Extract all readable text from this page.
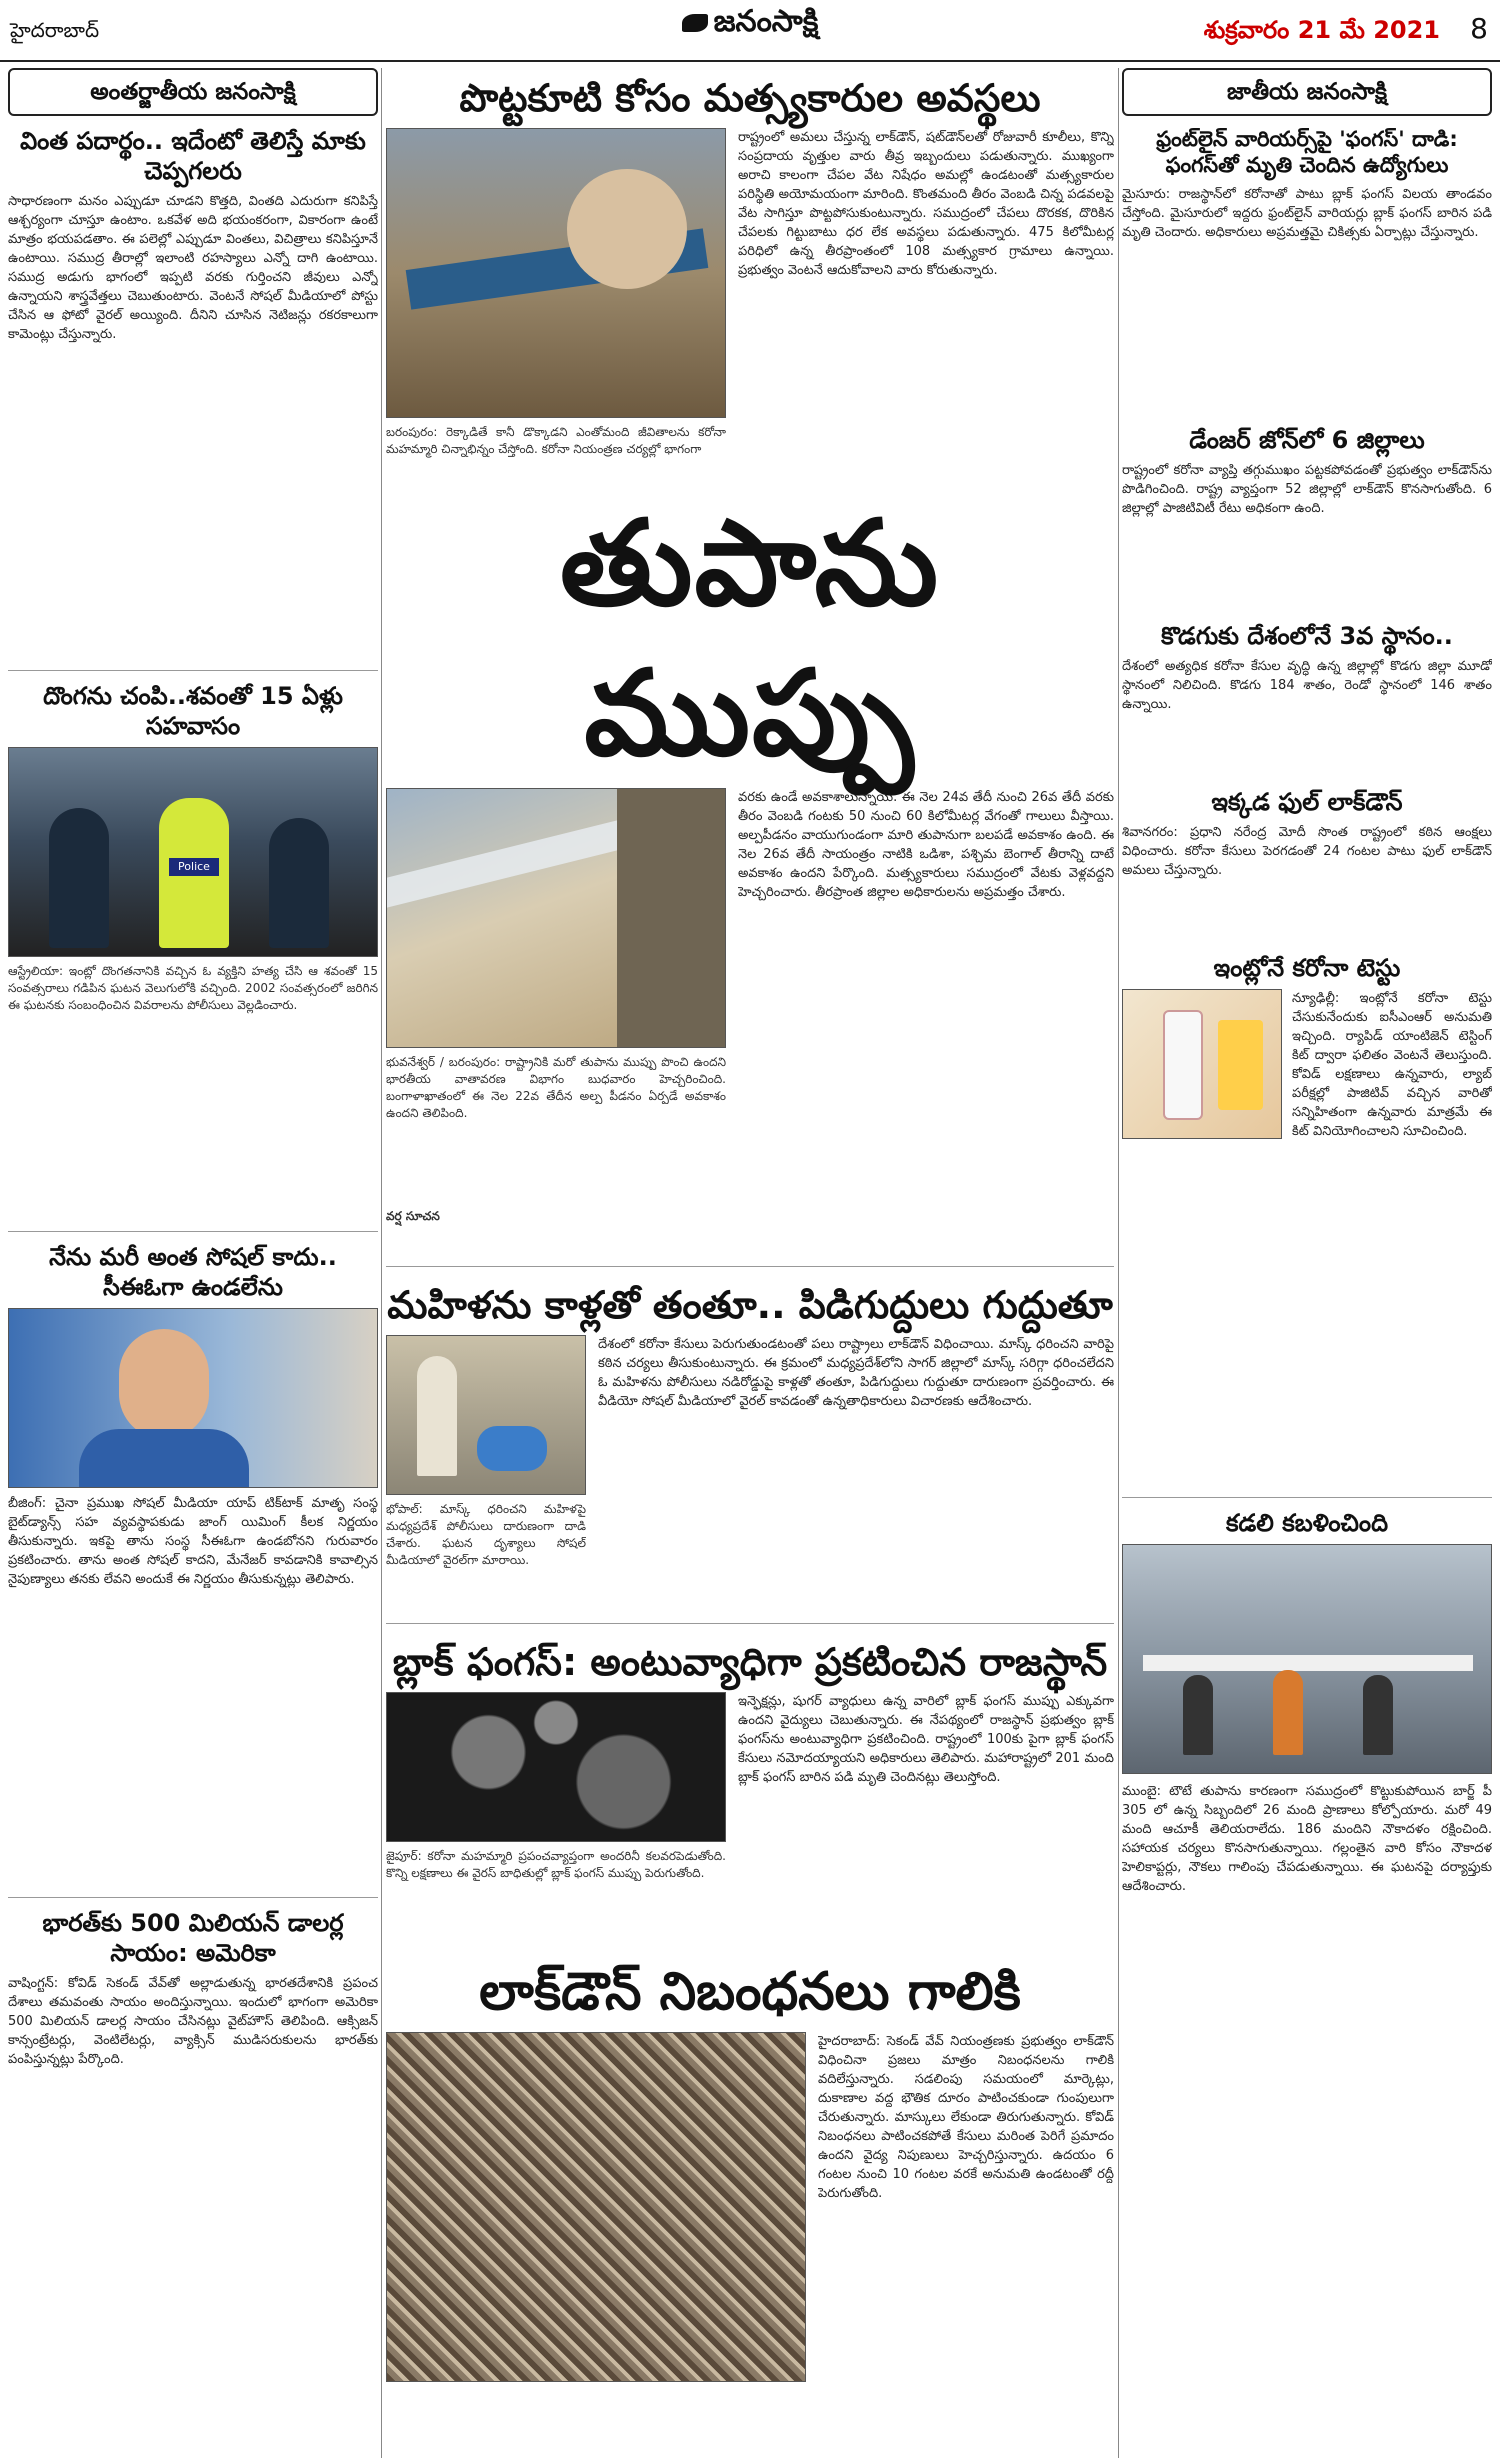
హైదరాబాద్	జనంసాక్షి	శుక్రవారం 21 మే 2021 8
అంతర్జాతీయ జనంసాక్షి
వింత పదార్థం.. ఇదేంటో తెలిస్తే మాకు చెప్పగలరు
సాధారణంగా మనం ఎప్పుడూ చూడని కొత్తది, వింతది ఎదురుగా కనిపిస్తే ఆశ్చర్యంగా చూస్తూ ఉంటాం. ఒకవేళ అది భయంకరంగా, వికారంగా ఉంటే మాత్రం భయపడతాం. ఈ పలెల్లో ఎప్పుడూ వింతలు, విచిత్రాలు కనిపిస్తూనే ఉంటాయి. సముద్ర తీరాల్లో ఇలాంటి రహస్యాలు ఎన్నో దాగి ఉంటాయి. సముద్ర అడుగు భాగంలో ఇప్పటి వరకు గుర్తించని జీవులు ఎన్నో ఉన్నాయని శాస్త్రవేత్తలు చెబుతుంటారు. వెంటనే సోషల్ మీడియాలో పోస్టు చేసిన ఆ ఫోటో వైరల్ అయ్యింది. దీనిని చూసిన నెటిజన్లు రకరకాలుగా కామెంట్లు చేస్తున్నారు.
దొంగను చంపి..శవంతో 15 ఏళ్లు సహవాసం
Police
ఆస్ట్రేలియా: ఇంట్లో దొంగతనానికి వచ్చిన ఓ వ్యక్తిని హత్య చేసి ఆ శవంతో 15 సంవత్సరాలు గడిపిన ఘటన వెలుగులోకి వచ్చింది. 2002 సంవత్సరంలో జరిగిన ఈ ఘటనకు సంబంధించిన వివరాలను పోలీసులు వెల్లడించారు.
నేను మరీ అంత సోషల్ కాదు.. సీఈఓగా ఉండలేను
బీజింగ్: చైనా ప్రముఖ సోషల్ మీడియా యాప్ టిక్‌టాక్ మాతృ సంస్థ బైట్‌డ్యాన్స్ సహ వ్యవస్థాపకుడు జాంగ్ యిమింగ్ కీలక నిర్ణయం తీసుకున్నారు. ఇకపై తాను సంస్థ సీఈఓగా ఉండబోనని గురువారం ప్రకటించారు. తాను అంత సోషల్ కాదని, మేనేజర్ కావడానికి కావాల్సిన నైపుణ్యాలు తనకు లేవని అందుకే ఈ నిర్ణయం తీసుకున్నట్లు తెలిపారు.
భారత్‌కు 500 మిలియన్ డాలర్ల సాయం: అమెరికా
వాషింగ్టన్: కోవిడ్ సెకండ్ వేవ్‌తో అల్లాడుతున్న భారతదేశానికి ప్రపంచ దేశాలు తమవంతు సాయం అందిస్తున్నాయి. ఇందులో భాగంగా అమెరికా 500 మిలియన్ డాలర్ల సాయం చేసినట్లు వైట్‌హౌస్ తెలిపింది. ఆక్సిజన్ కాన్సంట్రేటర్లు, వెంటిలేటర్లు, వ్యాక్సిన్ ముడిసరుకులను భారత్‌కు పంపిస్తున్నట్లు పేర్కొంది.
పొట్టకూటి కోసం మత్స్యకారుల అవస్థలు
బరంపురం: రెక్కాడితే కానీ డొక్కాడని ఎంతోమంది జీవితాలను కరోనా మహమ్మారి చిన్నాభిన్నం చేస్తోంది. కరోనా నియంత్రణ చర్యల్లో భాగంగా
రాష్ట్రంలో అమలు చేస్తున్న లాక్‌డౌన్, షట్‌డౌన్‌లతో రోజువారీ కూలీలు, కొన్ని సంప్రదాయ వృత్తుల వారు తీవ్ర ఇబ్బందులు పడుతున్నారు. ముఖ్యంగా అరాచి కాలంగా చేపల వేట నిషేధం అమల్లో ఉండటంతో మత్స్యకారుల పరిస్థితి అయోమయంగా మారింది. కొంతమంది తీరం వెంబడి చిన్న పడవలపై వేట సాగిస్తూ పొట్టపోసుకుంటున్నారు. సముద్రంలో చేపలు దొరకక, దొరికిన చేపలకు గిట్టుబాటు ధర లేక అవస్థలు పడుతున్నారు. 475 కిలోమీటర్ల పరిధిలో ఉన్న తీరప్రాంతంలో 108 మత్స్యకార గ్రామాలు ఉన్నాయి. ప్రభుత్వం వెంటనే ఆదుకోవాలని వారు కోరుతున్నారు.
తుపాను ముప్పు
భువనేశ్వర్ / బరంపురం: రాష్ట్రానికి మరో తుపాను ముప్పు పొంచి ఉందని భారతీయ వాతావరణ విభాగం బుధవారం హెచ్చరించింది. బంగాళాఖాతంలో ఈ నెల 22వ తేదీన అల్ప పీడనం ఏర్పడే అవకాశం ఉందని తెలిపింది.
వర్ష సూచన
వరకు ఉండే అవకాశాలున్నాయి. ఈ నెల 24వ తేదీ నుంచి 26వ తేదీ వరకు తీరం వెంబడి గంటకు 50 నుంచి 60 కిలోమీటర్ల వేగంతో గాలులు వీస్తాయి. అల్పపీడనం వాయుగుండంగా మారి తుపానుగా బలపడే అవకాశం ఉంది. ఈ నెల 26వ తేదీ సాయంత్రం నాటికి ఒడిశా, పశ్చిమ బెంగాల్ తీరాన్ని దాటే అవకాశం ఉందని పేర్కొంది. మత్స్యకారులు సముద్రంలో వేటకు వెళ్లవద్దని హెచ్చరించారు. తీరప్రాంత జిల్లాల అధికారులను అప్రమత్తం చేశారు.
మహిళను కాళ్లతో తంతూ.. పిడిగుద్దులు గుద్దుతూ
భోపాల్: మాస్క్ ధరించని మహిళపై మధ్యప్రదేశ్ పోలీసులు దారుణంగా దాడి చేశారు. ఘటన దృశ్యాలు సోషల్ మీడియాలో వైరల్‌గా మారాయి.
దేశంలో కరోనా కేసులు పెరుగుతుండటంతో పలు రాష్ట్రాలు లాక్‌డౌన్ విధించాయి. మాస్క్ ధరించని వారిపై కఠిన చర్యలు తీసుకుంటున్నారు. ఈ క్రమంలో మధ్యప్రదేశ్‌లోని సాగర్ జిల్లాలో మాస్క్ సరిగ్గా ధరించలేదని ఓ మహిళను పోలీసులు నడిరోడ్డుపై కాళ్లతో తంతూ, పిడిగుద్దులు గుద్దుతూ దారుణంగా ప్రవర్తించారు. ఈ వీడియో సోషల్ మీడియాలో వైరల్ కావడంతో ఉన్నతాధికారులు విచారణకు ఆదేశించారు.
బ్లాక్ ఫంగస్: అంటువ్యాధిగా ప్రకటించిన రాజస్థాన్
జైపూర్: కరోనా మహమ్మారి ప్రపంచవ్యాప్తంగా అందరినీ కలవరపెడుతోంది. కొన్ని లక్షణాలు ఈ వైరస్ బాధితుల్లో బ్లాక్ ఫంగస్ ముప్పు పెరుగుతోంది.
ఇన్ఫెక్షన్లు, షుగర్ వ్యాధులు ఉన్న వారిలో బ్లాక్ ఫంగస్ ముప్పు ఎక్కువగా ఉందని వైద్యులు చెబుతున్నారు. ఈ నేపథ్యంలో రాజస్థాన్ ప్రభుత్వం బ్లాక్ ఫంగస్‌ను అంటువ్యాధిగా ప్రకటించింది. రాష్ట్రంలో 100కు పైగా బ్లాక్ ఫంగస్ కేసులు నమోదయ్యాయని అధికారులు తెలిపారు. మహారాష్ట్రలో 201 మంది బ్లాక్ ఫంగస్ బారిన పడి మృతి చెందినట్లు తెలుస్తోంది.
లాక్‌డౌన్ నిబంధనలు గాలికి
హైదరాబాద్: సెకండ్ వేవ్ నియంత్రణకు ప్రభుత్వం లాక్‌డౌన్ విధించినా ప్రజలు మాత్రం నిబంధనలను గాలికి వదిలేస్తున్నారు. సడలింపు సమయంలో మార్కెట్లు, దుకాణాల వద్ద భౌతిక దూరం పాటించకుండా గుంపులుగా చేరుతున్నారు. మాస్కులు లేకుండా తిరుగుతున్నారు. కోవిడ్ నిబంధనలు పాటించకపోతే కేసులు మరింత పెరిగే ప్రమాదం ఉందని వైద్య నిపుణులు హెచ్చరిస్తున్నారు. ఉదయం 6 గంటల నుంచి 10 గంటల వరకే అనుమతి ఉండటంతో రద్దీ పెరుగుతోంది.
జాతీయ జనంసాక్షి
ఫ్రంట్‌లైన్ వారియర్స్‌పై 'ఫంగస్' దాడి: ఫంగస్‌తో మృతి చెందిన ఉద్యోగులు
మైసూరు: రాజస్థాన్‌లో కరోనాతో పాటు బ్లాక్ ఫంగస్ విలయ తాండవం చేస్తోంది. మైసూరులో ఇద్దరు ఫ్రంట్‌లైన్ వారియర్లు బ్లాక్ ఫంగస్ బారిన పడి మృతి చెందారు. అధికారులు అప్రమత్తమై చికిత్సకు ఏర్పాట్లు చేస్తున్నారు.
డేంజర్ జోన్‌లో 6 జిల్లాలు
రాష్ట్రంలో కరోనా వ్యాప్తి తగ్గుముఖం పట్టకపోవడంతో ప్రభుత్వం లాక్‌డౌన్‌ను పొడిగించింది. రాష్ట్ర వ్యాప్తంగా 52 జిల్లాల్లో లాక్‌డౌన్ కొనసాగుతోంది. 6 జిల్లాల్లో పాజిటివిటీ రేటు అధికంగా ఉంది.
కొడగుకు దేశంలోనే 3వ స్థానం..
దేశంలో అత్యధిక కరోనా కేసుల వృద్ధి ఉన్న జిల్లాల్లో కొడగు జిల్లా మూడో స్థానంలో నిలిచింది. కొడగు 184 శాతం, రెండో స్థానంలో 146 శాతం ఉన్నాయి.
ఇక్కడ ఫుల్ లాక్‌డౌన్
శివానగరం: ప్రధాని నరేంద్ర మోదీ సొంత రాష్ట్రంలో కఠిన ఆంక్షలు విధించారు. కరోనా కేసులు పెరగడంతో 24 గంటల పాటు ఫుల్ లాక్‌డౌన్ అమలు చేస్తున్నారు.
ఇంట్లోనే కరోనా టెస్టు
న్యూఢిల్లీ: ఇంట్లోనే కరోనా టెస్టు చేసుకునేందుకు ఐసీఎంఆర్ అనుమతి ఇచ్చింది. ర్యాపిడ్ యాంటిజెన్ టెస్టింగ్ కిట్ ద్వారా ఫలితం వెంటనే తెలుస్తుంది. కోవిడ్ లక్షణాలు ఉన్నవారు, ల్యాబ్ పరీక్షల్లో పాజిటివ్ వచ్చిన వారితో సన్నిహితంగా ఉన్నవారు మాత్రమే ఈ కిట్ వినియోగించాలని సూచించింది.
కడలి కబళించింది
ముంబై: టౌటే తుపాను కారణంగా సముద్రంలో కొట్టుకుపోయిన బార్జ్ పీ 305 లో ఉన్న సిబ్బందిలో 26 మంది ప్రాణాలు కోల్పోయారు. మరో 49 మంది ఆచూకీ తెలియరాలేదు. 186 మందిని నౌకాదళం రక్షించింది. సహాయక చర్యలు కొనసాగుతున్నాయి. గల్లంతైన వారి కోసం నౌకాదళ హెలికాప్టర్లు, నౌకలు గాలింపు చేపడుతున్నాయి. ఈ ఘటనపై దర్యాప్తుకు ఆదేశించారు.
